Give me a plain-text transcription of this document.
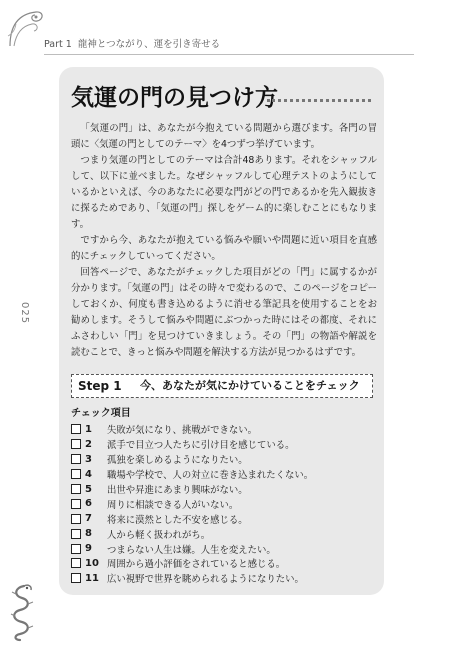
Part 1 龍神とつながり、運を引き寄せる
025
気運の門の見つけ方

「気運の門」は、あなたが今抱えている問題から選びます。各門の冒頭に〈気運の門としてのテーマ〉を4つずつ挙げています。

つまり気運の門としてのテーマは合計48あります。それをシャッフルして、以下に並べました。なぜシャッフルして心理テストのようにしているかといえば、今のあなたに必要な門がどの門であるかを先入観抜きに探るためであり、「気運の門」探しをゲーム的に楽しむことにもなります。

ですから今、あなたが抱えている悩みや願いや問題に近い項目を直感的にチェックしていってください。

回答ページで、あなたがチェックした項目がどの「門」に属するかが分かります。「気運の門」はその時々で変わるので、このページをコピーしておくか、何度も書き込めるように消せる筆記具を使用することをお勧めします。そうして悩みや問題にぶつかった時にはその都度、それにふさわしい「門」を見つけていきましょう。その「門」の物語や解説を読むことで、きっと悩みや問題を解決する方法が見つかるはずです。

Step 1 今、あなたが気にかけていることをチェック
チェック項目
1	失敗が気になり、挑戦ができない。
2	派手で目立つ人たちに引け目を感じている。
3	孤独を楽しめるようになりたい。
4	職場や学校で、人の対立に巻き込まれたくない。
5	出世や昇進にあまり興味がない。
6	周りに相談できる人がいない。
7	将来に漠然とした不安を感じる。
8	人から軽く扱われがち。
9	つまらない人生は嫌。人生を変えたい。
10 周囲から過小評価をされていると感じる。
11 広い視野で世界を眺められるようになりたい。
